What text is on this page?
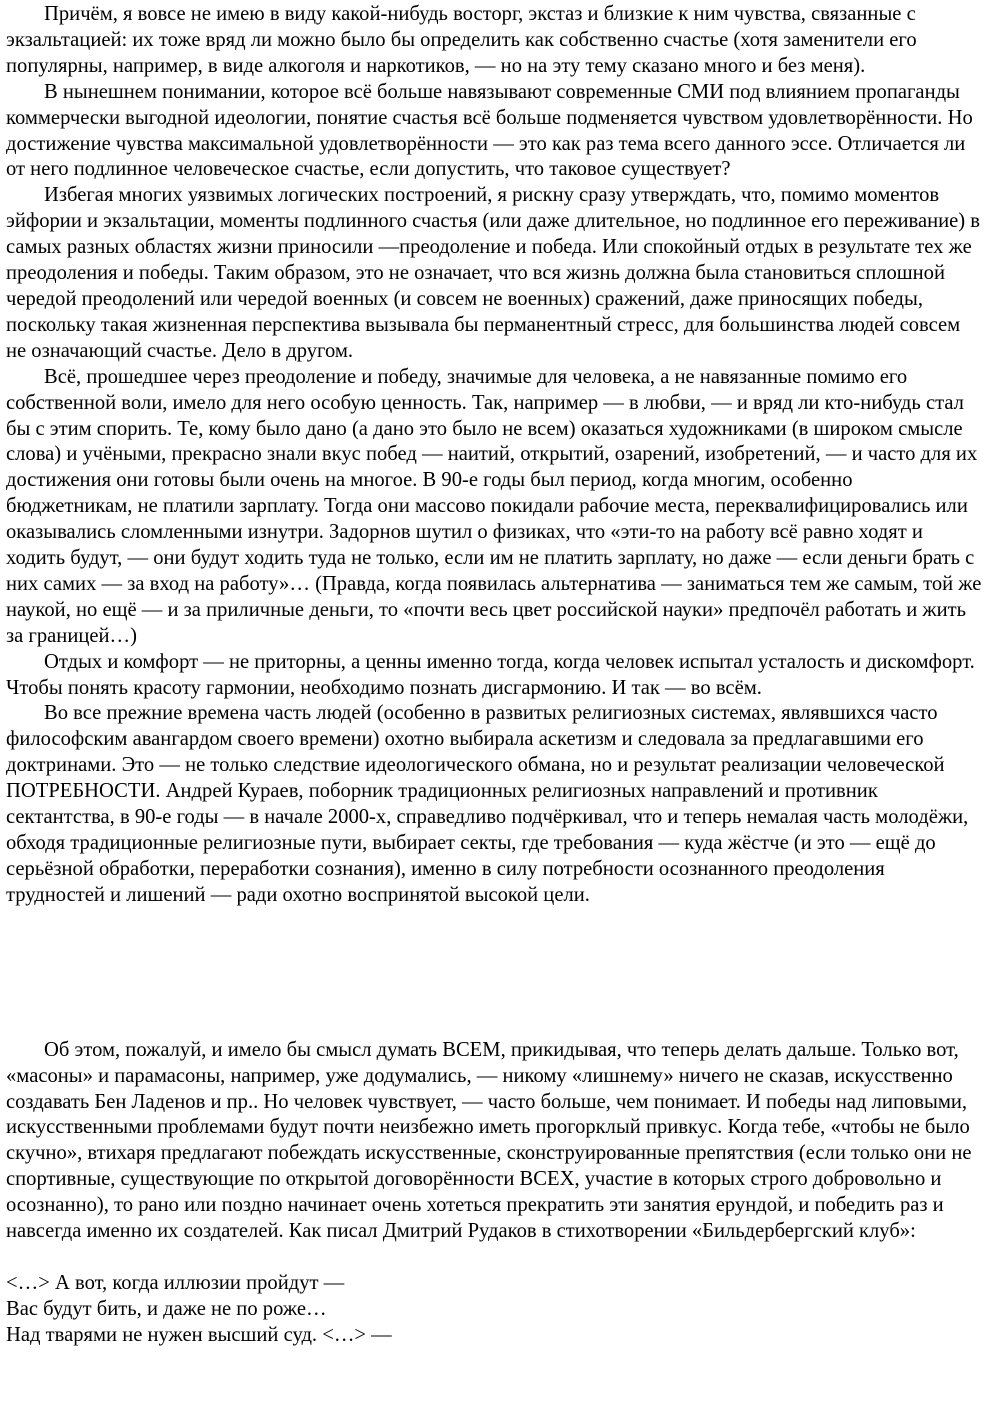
Причём, я вовсе не имею в виду какой-нибудь восторг, экстаз и близкие к ним чувства, связанные с экзальтацией: их тоже вряд ли можно было бы определить как собственно счастье (хотя заменители его популярны, например, в виде алкоголя и наркотиков, — но на эту тему сказано много и без меня).

В нынешнем понимании, которое всё больше навязывают современные СМИ под влиянием пропаганды коммерчески выгодной идеологии, понятие счастья всё больше подменяется чувством удовлетворённости. Но достижение чувства максимальной удовлетворённости — это как раз тема всего данного эссе. Отличается ли от него подлинное человеческое счастье, если допустить, что таковое существует?

Избегая многих уязвимых логических построений, я рискну сразу утверждать, что, помимо моментов эйфории и экзальтации, моменты подлинного счастья (или даже длительное, но подлинное его переживание) в самых разных областях жизни приносили —преодоление и победа. Или спокойный отдых в результате тех же преодоления и победы. Таким образом, это не означает, что вся жизнь должна была становиться сплошной чередой преодолений или чередой военных (и совсем не военных) сражений, даже приносящих победы, поскольку такая жизненная перспектива вызывала бы перманентный стресс, для большинства людей совсем не означающий счастье. Дело в другом.

Всё, прошедшее через преодоление и победу, значимые для человека, а не навязанные помимо его собственной воли, имело для него особую ценность. Так, например — в любви, — и вряд ли кто-нибудь стал бы с этим спорить. Те, кому было дано (а дано это было не всем) оказаться художниками (в широком смысле слова) и учёными, прекрасно знали вкус побед — наитий, открытий, озарений, изобретений, — и часто для их достижения они готовы были очень на многое. В 90-е годы был период, когда многим, особенно бюджетникам, не платили зарплату. Тогда они массово покидали рабочие места, переквалифицировались или оказывались сломленными изнутри. Задорнов шутил о физиках, что «эти-то на работу всё равно ходят и ходить будут, — они будут ходить туда не только, если им не платить зарплату, но даже — если деньги брать с них самих — за вход на работу»… (Правда, когда появилась альтернатива — заниматься тем же самым, той же наукой, но ещё — и за приличные деньги, то «почти весь цвет российской науки» предпочёл работать и жить за границей…)

Отдых и комфорт — не приторны, а ценны именно тогда, когда человек испытал усталость и дискомфорт. Чтобы понять красоту гармонии, необходимо познать дисгармонию. И так — во всём.

Во все прежние времена часть людей (особенно в развитых религиозных системах, являвшихся часто философским авангардом своего времени) охотно выбирала аскетизм и следовала за предлагавшими его доктринами. Это — не только следствие идеологического обмана, но и результат реализации человеческой ПОТРЕБНОСТИ. Андрей Кураев, поборник традиционных религиозных направлений и противник сектантства, в 90-е годы — в начале 2000-х, справедливо подчёркивал, что и теперь немалая часть молодёжи, обходя традиционные религиозные пути, выбирает секты, где требования — куда жёстче (и это — ещё до серьёзной обработки, переработки сознания), именно в силу потребности осознанного преодоления трудностей и лишений — ради охотно воспринятой высокой цели.

Об этом, пожалуй, и имело бы смысл думать ВСЕМ, прикидывая, что теперь делать дальше. Только вот, «масоны» и парамасоны, например, уже додумались, — никому «лишнему» ничего не сказав, искусственно создавать Бен Ладенов и пр.. Но человек чувствует, — часто больше, чем понимает. И победы над липовыми, искусственными проблемами будут почти неизбежно иметь прогорклый привкус. Когда тебе, «чтобы не было скучно», втихаря предлагают побеждать искусственные, сконструированные препятствия (если только они не спортивные, существующие по открытой договорённости ВСЕХ, участие в которых строго добровольно и осознанно), то рано или поздно начинает очень хотеться прекратить эти занятия ерундой, и победить раз и навсегда именно их создателей. Как писал Дмитрий Рудаков в стихотворении «Бильдербергский клуб»:

<…> А вот, когда иллюзии пройдут —

Вас будут бить, и даже не по роже…

Над тварями не нужен высший суд. <…> —
